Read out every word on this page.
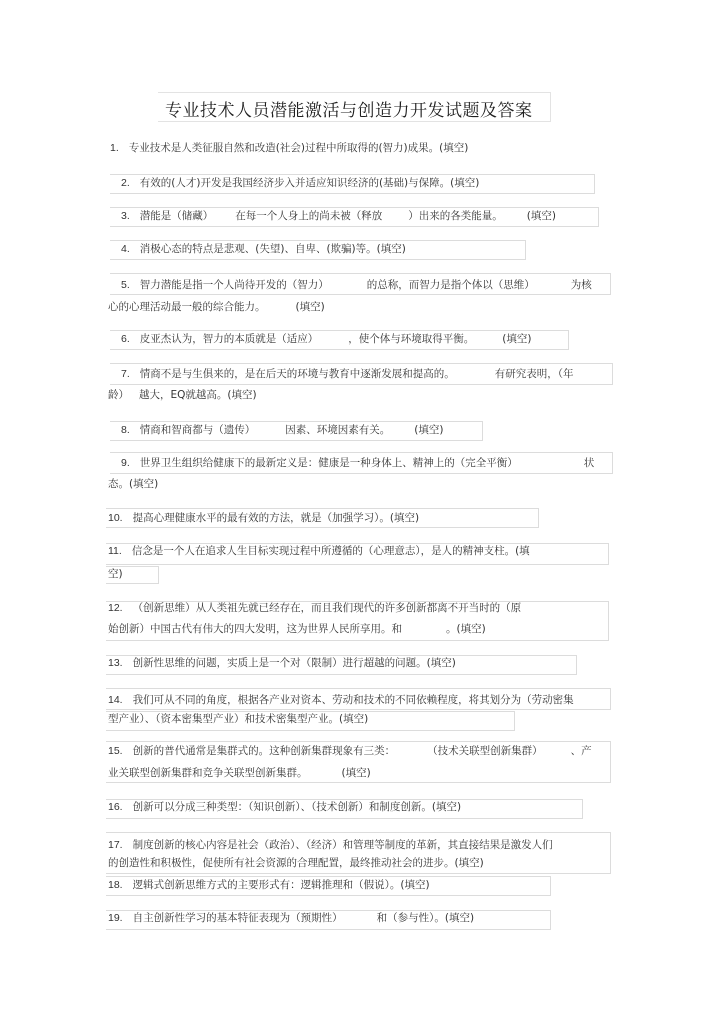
专业技术人员潜能激活与创造力开发试题及答案
1. 专业技术是人类征服自然和改造(社会)过程中所取得的(智力)成果。(填空)
2. 有效的(人才)开发是我国经济步入并适应知识经济的(基础)与保障。(填空)
3. 潜能是（储藏） 在每一个人身上的尚未被（释放 ）出来的各类能量。 (填空)
4. 消极心态的特点是悲观、(失望)、自卑、(欺骗)等。(填空)
5. 智力潜能是指一个人尚待开发的（智力）	的总称，而智力是指个体以（思维）	为核
心的心理活动最一般的综合能力。	(填空)
6. 皮亚杰认为，智力的本质就是（适应）	，使个体与环境取得平衡。	(填空)
7. 情商不是与生俱来的，是在后天的环境与教育中逐渐发展和提高的。	有研究表明，（年
龄） 越大，EQ就越高。(填空)
8. 情商和智商都与（遗传）	因素、环境因素有关。 (填空)
9. 世界卫生组织给健康下的最新定义是：健康是一种身体上、精神上的（完全平衡）	状
态。(填空)
10. 提高心理健康水平的最有效的方法，就是（加强学习）。(填空)
11. 信念是一个人在追求人生目标实现过程中所遵循的（心理意志），是人的精神支柱。(填
空)
12. （创新思维）从人类祖先就已经存在，而且我们现代的许多创新都离不开当时的（原
始创新）中国古代有伟大的四大发明，这为世界人民所享用。和	。(填空)
13. 创新性思维的问题，实质上是一个对（限制）进行超越的问题。(填空)
14. 我们可从不同的角度，根据各产业对资本、劳动和技术的不同依赖程度，将其划分为（劳动密集
型产业）、（资本密集型产业）和技术密集型产业。(填空)
15. 创新的普代通常是集群式的。这种创新集群现象有三类：	（技术关联型创新集群）	、产
业关联型创新集群和竞争关联型创新集群。	(填空)
16. 创新可以分成三种类型：（知识创新）、（技术创新）和制度创新。(填空)
17. 制度创新的核心内容是社会（政治）、（经济）和管理等制度的革新，其直接结果是激发人们
的创造性和积极性，促使所有社会资源的合理配置，最终推动社会的进步。(填空)
18. 逻辑式创新思维方式的主要形式有：逻辑推理和（假说）。(填空)
19. 自主创新性学习的基本特征表现为（预期性）	和（参与性）。(填空)
